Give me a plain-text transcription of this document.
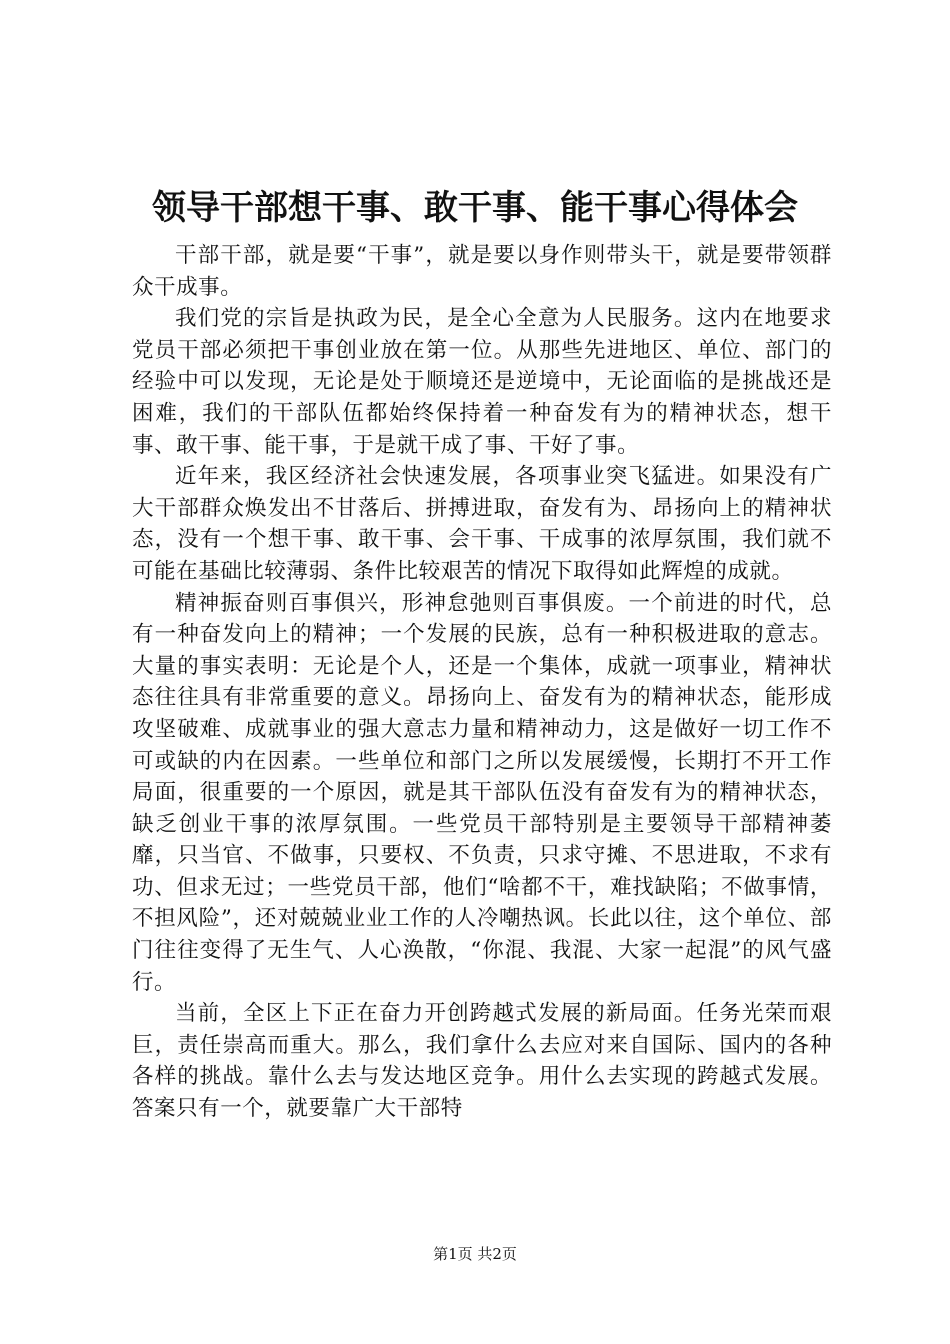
领导干部想干事、敢干事、能干事心得体会

干部干部，就是要“干事”，就是要以身作则带头干，就是要带领群众干成事。

我们党的宗旨是执政为民，是全心全意为人民服务。这内在地要求党员干部必须把干事创业放在第一位。从那些先进地区、单位、部门的经验中可以发现，无论是处于顺境还是逆境中，无论面临的是挑战还是困难，我们的干部队伍都始终保持着一种奋发有为的精神状态，想干事、敢干事、能干事，于是就干成了事、干好了事。

近年来，我区经济社会快速发展，各项事业突飞猛进。如果没有广大干部群众焕发出不甘落后、拼搏进取，奋发有为、昂扬向上的精神状态，没有一个想干事、敢干事、会干事、干成事的浓厚氛围，我们就不可能在基础比较薄弱、条件比较艰苦的情况下取得如此辉煌的成就。

精神振奋则百事俱兴，形神怠弛则百事俱废。一个前进的时代，总有一种奋发向上的精神；一个发展的民族，总有一种积极进取的意志。大量的事实表明：无论是个人，还是一个集体，成就一项事业，精神状态往往具有非常重要的意义。昂扬向上、奋发有为的精神状态，能形成攻坚破难、成就事业的强大意志力量和精神动力，这是做好一切工作不可或缺的内在因素。一些单位和部门之所以发展缓慢，长期打不开工作局面，很重要的一个原因，就是其干部队伍没有奋发有为的精神状态，缺乏创业干事的浓厚氛围。一些党员干部特别是主要领导干部精神萎靡，只当官、不做事，只要权、不负责，只求守摊、不思进取，不求有功、但求无过；一些党员干部，他们“啥都不干，难找缺陷；不做事情，不担风险”，还对兢兢业业工作的人冷嘲热讽。长此以往，这个单位、部门往往变得了无生气、人心涣散，“你混、我混、大家一起混”的风气盛行。

当前，全区上下正在奋力开创跨越式发展的新局面。任务光荣而艰巨，责任崇高而重大。那么，我们拿什么去应对来自国际、国内的各种各样的挑战。靠什么去与发达地区竞争。用什么去实现的跨越式发展。答案只有一个，就要靠广大干部特

第1页 共2页
